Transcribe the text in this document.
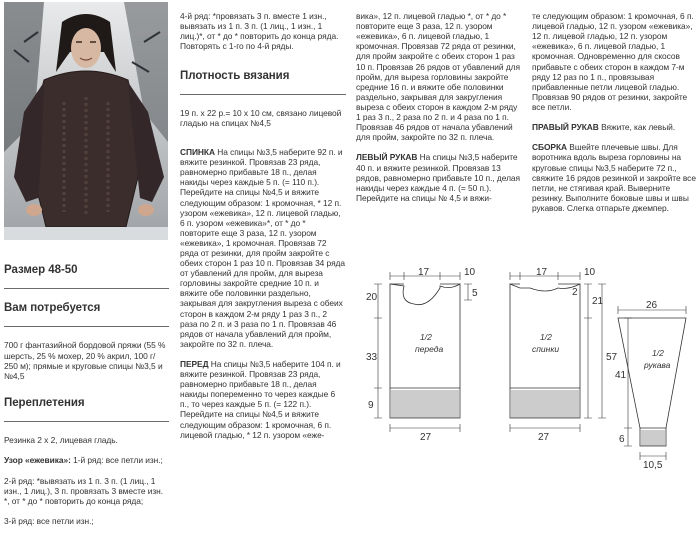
Размер 48-50

Вам потребуется

700 г фантазийной бордовой пряжи (55 % шерсть, 25 % мохер, 20 % акрил, 100 г/ 250 м); прямые и круговые спицы №3,5 и №4,5

Переплетения

Резинка 2 х 2, лицевая гладь.

Узор «ежевика»: 1-й ряд: все петли изн.;

2-й ряд: *вывязать из 1 п. 3 п. (1 лиц., 1 изн., 1 лиц.), 3 п. провязать 3 вместе изн. *, от * до * повторить до конца ряда;

3-й ряд: все петли изн.;

4-й ряд: *провязать 3 п. вместе 1 изн., вывязать из 1 п. 3 п. (1 лиц., 1 изн., 1 лиц.)*, от * до * повторить до конца ряда.
Повторять с 1-го по 4-й ряды.

Плотность вязания

19 п. х 22 р.= 10 х 10 см, связано лицевой гладью на спицах №4,5

СПИНКА На спицы №3,5 наберите 92 п. и вяжите резинкой. Провязав 23 ряда, равномерно прибавьте 18 п., делая накиды через каждые 5 п. (= 110 п.). Перейдите на спицы №4,5 и вяжите следующим образом: 1 кромочная, * 12 п. узором «ежевика», 12 п. лицевой гладью, 6 п. узором «ежевика»*, от * до * повторите еще 3 раза, 12 п. узором «ежевика», 1 кромочная. Провязав 72 ряда от резинки, для пройм закройте с обеих сторон 1 раз 10 п. Провязав 34 ряда от убавлений для пройм, для выреза горловины закройте средние 10 п. и вяжите обе половинки раздельно, закрывая для закругления выреза с обеих сторон в каждом 2-м ряду 1 раз 3 п., 2 раза по 2 п. и 3 раза по 1 п. Провязав 46 рядов от начала убавлений для пройм, закройте по 32 п. плеча.

ПЕРЕД На спицы №3,5 наберите 104 п. и вяжите резинкой. Провязав 23 ряда, равномерно прибавьте 18 п., делая накиды попеременно то через каждые 6 п., то через каждые 5 п. (= 122 п.). Перейдите на спицы №4,5 и вяжите следующим образом: 1 кромочная, 6 п. лицевой гладью, * 12 п. узором «еже-

вика», 12 п. лицевой гладью *, от * до * повторите еще 3 раза, 12 п. узором «ежевика», 6 п. лицевой гладью, 1 кромочная. Провязав 72 ряда от резинки, для пройм закройте с обеих сторон 1 раз 10 п. Провязав 26 рядов от убавлений для пройм, для выреза горловины закройте средние 16 п. и вяжите обе половинки раздельно, закрывая для закругления выреза с обеих сторон в каждом 2-м ряду 1 раз 3 п., 2 раза по 2 п. и 4 раза по 1 п. Провязав 46 рядов от начала убавлений для пройм, закройте по 32 п. плеча.

ЛЕВЫЙ РУКАВ На спицы №3,5 наберите 40 п. и вяжите резинкой. Провязав 13 рядов, равномерно прибавьте 10 п., делая накиды через каждые 4 п. (= 50 п.). Перейдите на спицы № 4,5 и вяжи-

те следующим образом: 1 кромочная, 6 п. лицевой гладью, 12 п. узором «ежевика», 12 п. лицевой гладью, 12 п. узором «ежевика», 6 п. лицевой гладью, 1 кромочная. Одновременно для скосов прибавьте с обеих сторон в каждом 7-м ряду 12 раз по 1 п., провязывая прибавленные петли лицевой гладью. Провязав 90 рядов от резинки, закройте все петли.

ПРАВЫЙ РУКАВ Вяжите, как левый.

СБОРКА Вшейте плечевые швы. Для воротника вдоль выреза горловины на круговые спицы №3,5 наберите 72 п., свяжите 16 рядов резинкой и закройте все петли, не стягивая край. Выверните резинку. Выполните боковые швы и швы рукавов. Слегка отпарьте джемпер.

17
20
33
9
27
10
5
1/2
переда
17	10
2
21
57
27
1/2
спинки
26
41
6
10,5
1/2
рукава
